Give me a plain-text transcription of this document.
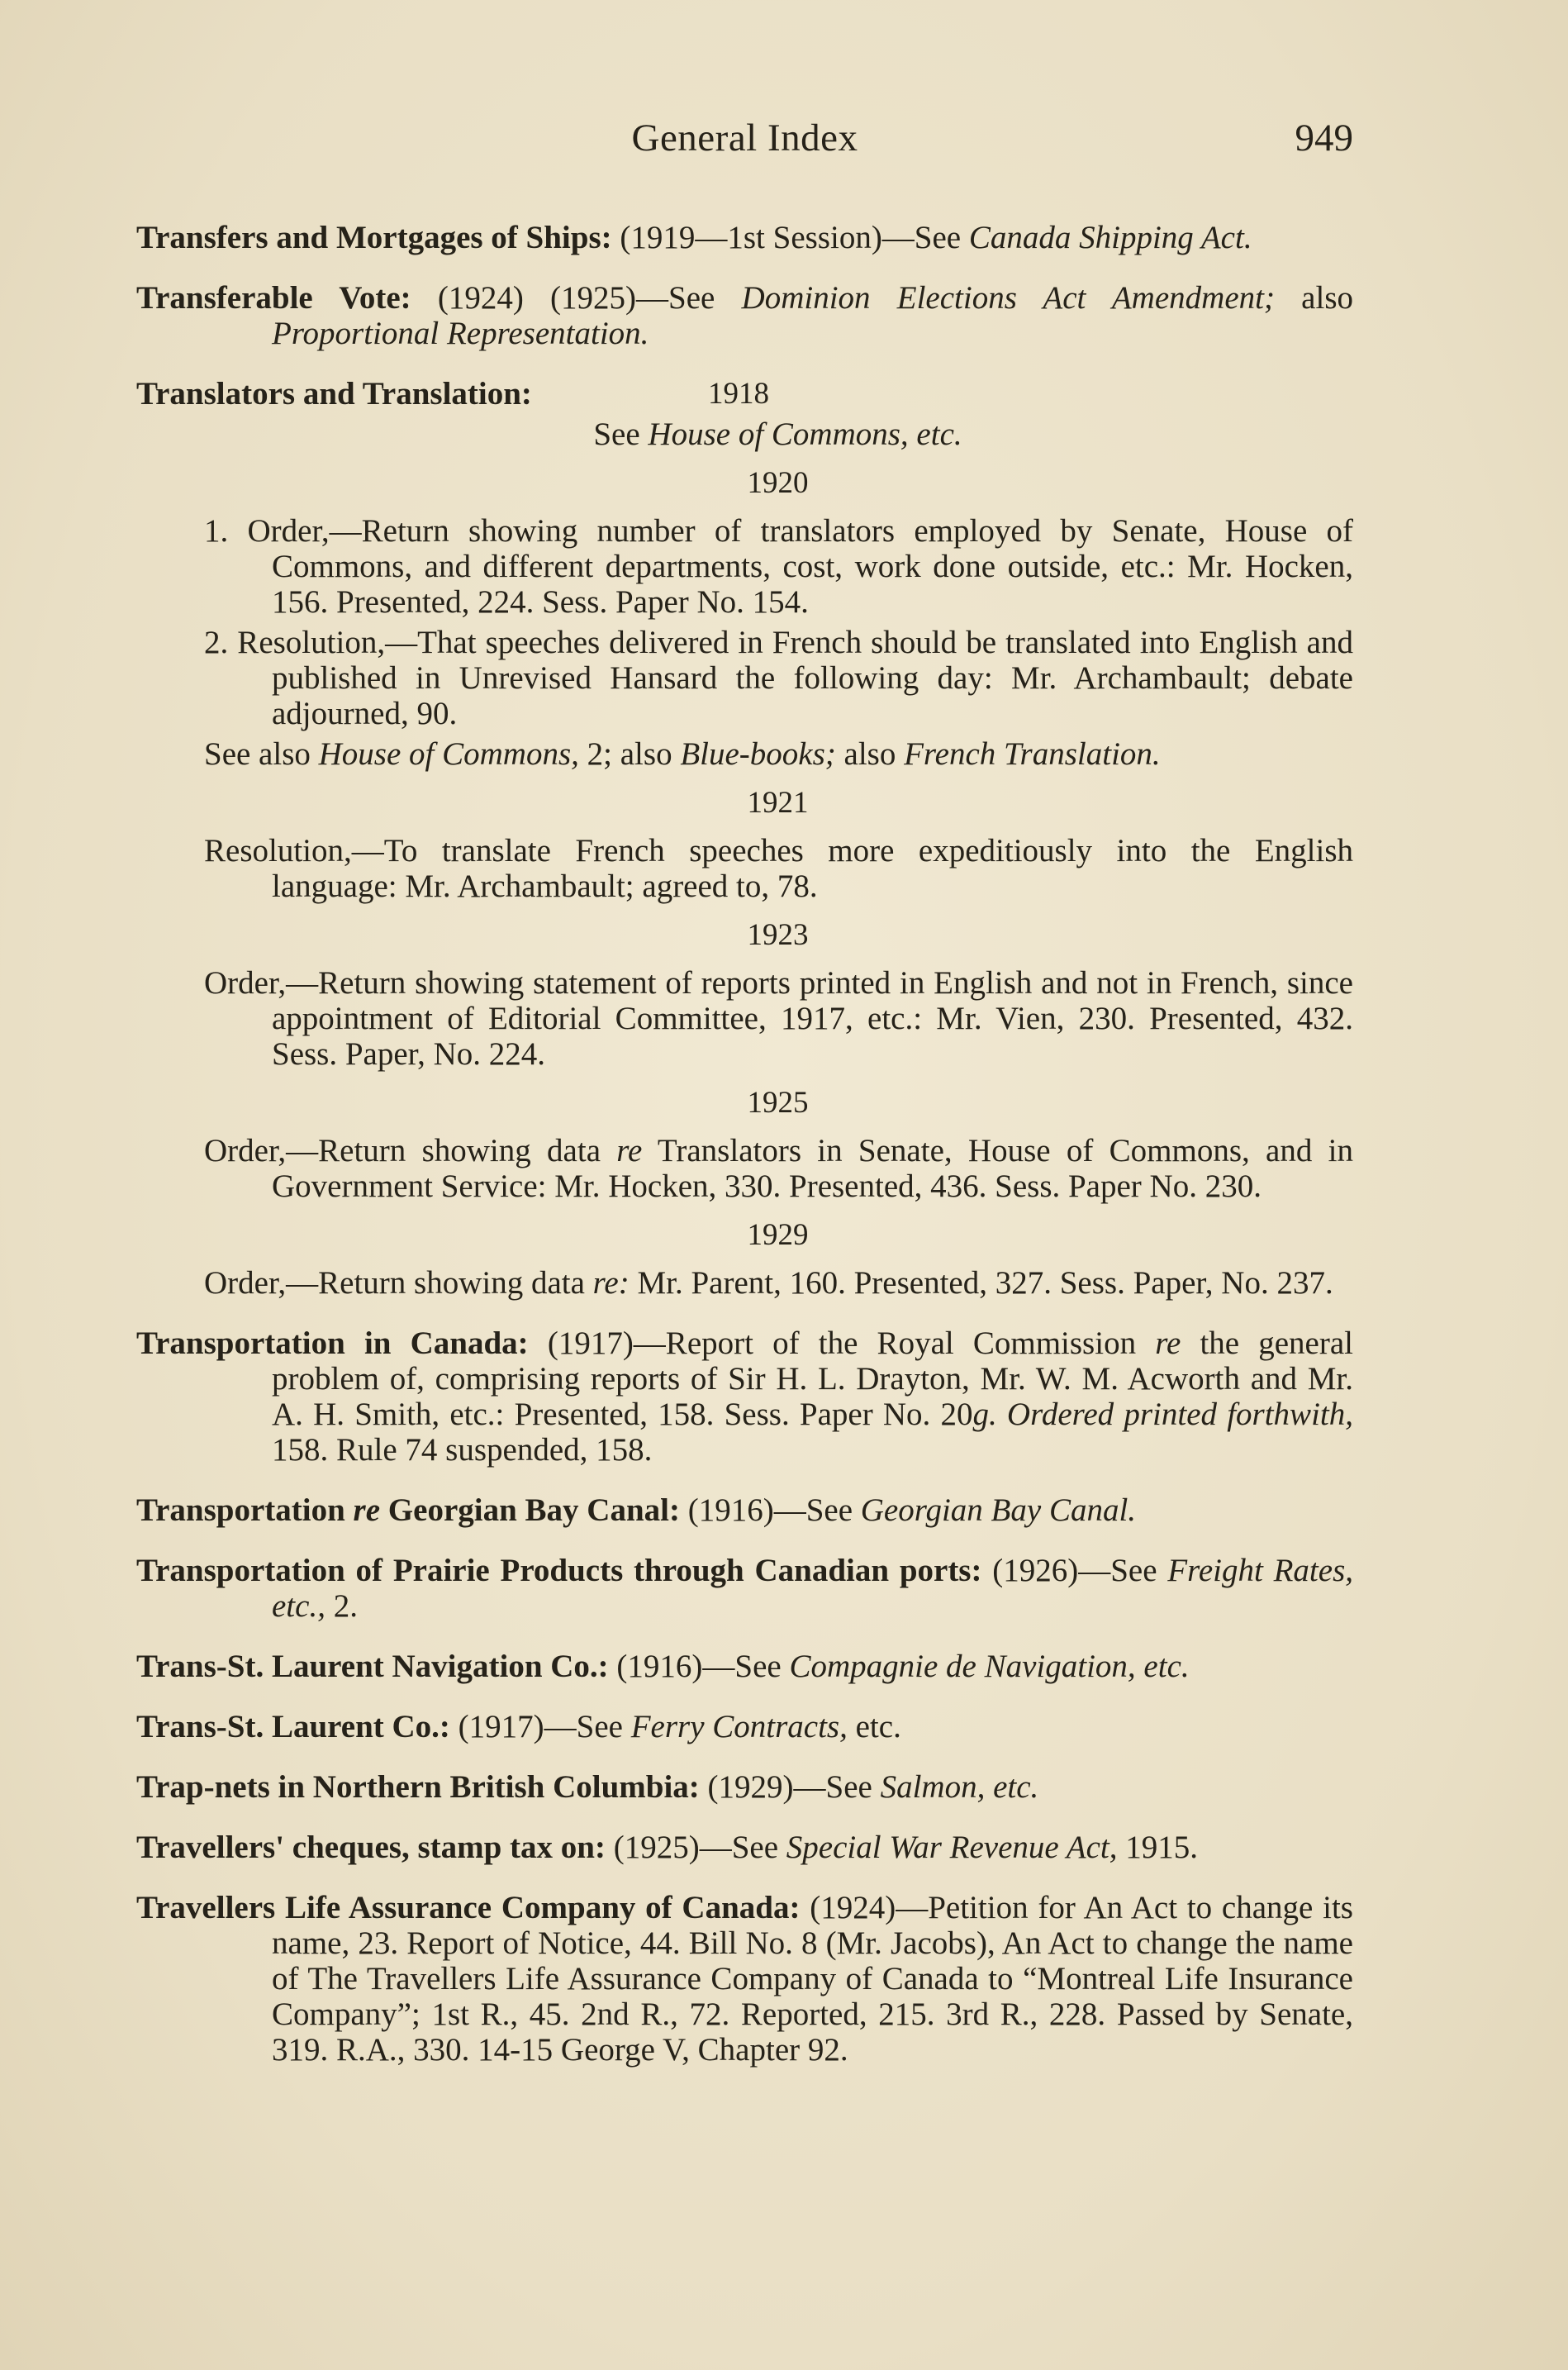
General Index	949

Transfers and Mortgages of Ships: (1919—1st Session)—See Canada Shipping Act.

Transferable Vote: (1924) (1925)—See Dominion Elections Act Amendment; also Proportional Representation.

Translators and Translation:	1918
See House of Commons, etc.
1920

1. Order,—Return showing number of translators employed by Senate, House of Commons, and different departments, cost, work done outside, etc.: Mr. Hocken, 156. Presented, 224. Sess. Paper No. 154.

2. Resolution,—That speeches delivered in French should be translated into English and published in Unrevised Hansard the following day: Mr. Archambault; debate adjourned, 90.

See also House of Commons, 2; also Blue-books; also French Translation.

1921

Resolution,—To translate French speeches more expeditiously into the English language: Mr. Archambault; agreed to, 78.

1923

Order,—Return showing statement of reports printed in English and not in French, since appointment of Editorial Committee, 1917, etc.: Mr. Vien, 230. Presented, 432. Sess. Paper, No. 224.

1925

Order,—Return showing data re Translators in Senate, House of Commons, and in Government Service: Mr. Hocken, 330. Presented, 436. Sess. Paper No. 230.

1929

Order,—Return showing data re: Mr. Parent, 160. Presented, 327. Sess. Paper, No. 237.

Transportation in Canada: (1917)—Report of the Royal Commission re the general problem of, comprising reports of Sir H. L. Drayton, Mr. W. M. Acworth and Mr. A. H. Smith, etc.: Presented, 158. Sess. Paper No. 20g. Ordered printed forthwith, 158. Rule 74 suspended, 158.

Transportation re Georgian Bay Canal: (1916)—See Georgian Bay Canal.

Transportation of Prairie Products through Canadian ports: (1926)—See Freight Rates, etc., 2.

Trans-St. Laurent Navigation Co.: (1916)—See Compagnie de Navigation, etc.

Trans-St. Laurent Co.: (1917)—See Ferry Contracts, etc.

Trap-nets in Northern British Columbia: (1929)—See Salmon, etc.

Travellers' cheques, stamp tax on: (1925)—See Special War Revenue Act, 1915.

Travellers Life Assurance Company of Canada: (1924)—Petition for An Act to change its name, 23. Report of Notice, 44. Bill No. 8 (Mr. Jacobs), An Act to change the name of The Travellers Life Assurance Company of Canada to “Montreal Life Insurance Company”; 1st R., 45. 2nd R., 72. Reported, 215. 3rd R., 228. Passed by Senate, 319. R.A., 330. 14-15 George V, Chapter 92.
